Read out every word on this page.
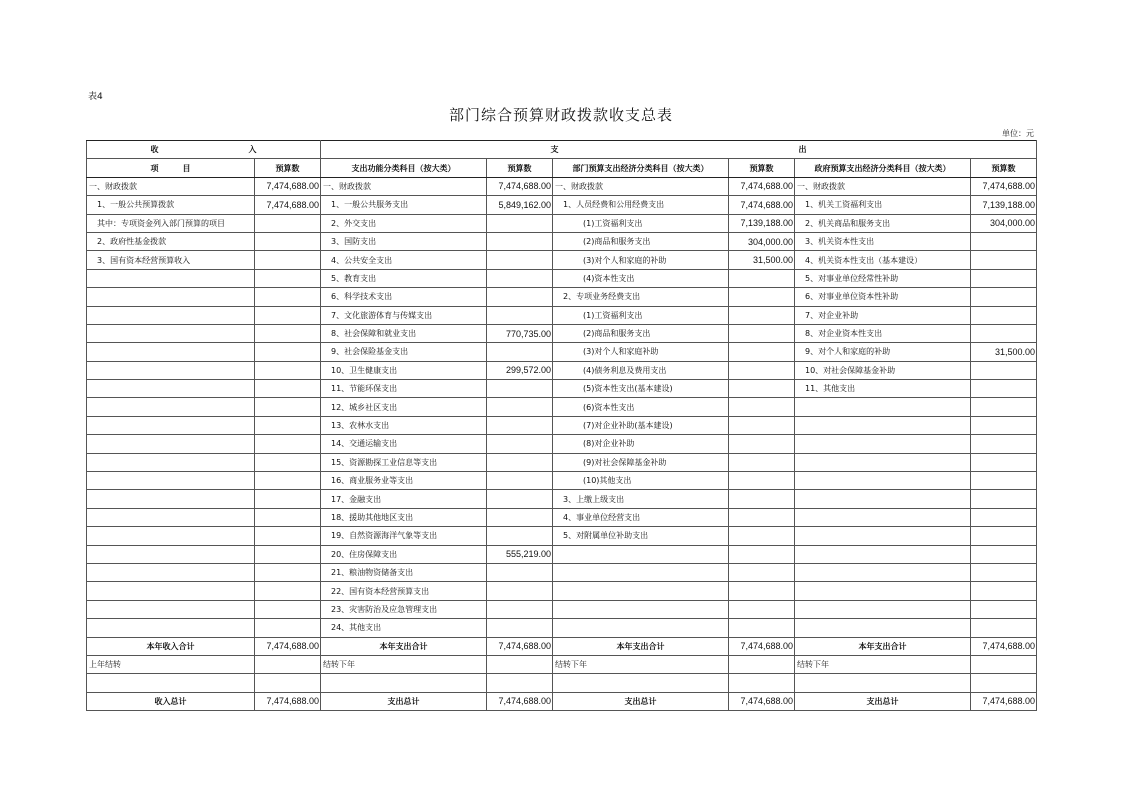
表4
部门综合预算财政拨款收支总表
单位：元
收 入		支 出					
项 目	预算数	支出功能分类科目（按大类）	预算数	部门预算支出经济分类科目（按大类）	预算数	政府预算支出经济分类科目（按大类）	预算数
一、财政拨款	7,474,688.00	一、财政拨款	7,474,688.00	一、财政拨款	7,474,688.00	一、财政拨款	7,474,688.00
1、一般公共预算拨款	7,474,688.00	1、一般公共服务支出	5,849,162.00	1、人员经费和公用经费支出	7,474,688.00	1、机关工资福利支出	7,139,188.00
其中：专项资金列入部门预算的项目		2、外交支出		(1)工资福利支出	7,139,188.00	2、机关商品和服务支出	304,000.00
2、政府性基金拨款		3、国防支出		(2)商品和服务支出	304,000.00	3、机关资本性支出	
3、国有资本经营预算收入		4、公共安全支出		(3)对个人和家庭的补助	31,500.00	4、机关资本性支出（基本建设）	
		5、教育支出		(4)资本性支出		5、对事业单位经常性补助	
		6、科学技术支出		2、专项业务经费支出		6、对事业单位资本性补助	
		7、文化旅游体育与传媒支出		(1)工资福利支出		7、对企业补助	
		8、社会保障和就业支出	770,735.00	(2)商品和服务支出		8、对企业资本性支出	
		9、社会保险基金支出		(3)对个人和家庭补助		9、对个人和家庭的补助	31,500.00
		10、卫生健康支出	299,572.00	(4)债务利息及费用支出		10、对社会保障基金补助	
		11、节能环保支出		(5)资本性支出(基本建设)		11、其他支出	
		12、城乡社区支出		(6)资本性支出			
		13、农林水支出		(7)对企业补助(基本建设)			
		14、交通运输支出		(8)对企业补助			
		15、资源勘探工业信息等支出		(9)对社会保障基金补助			
		16、商业服务业等支出		(10)其他支出			
		17、金融支出		3、上缴上级支出			
		18、援助其他地区支出		4、事业单位经营支出			
		19、自然资源海洋气象等支出		5、对附属单位补助支出			
		20、住房保障支出	555,219.00				
		21、粮油物资储备支出					
		22、国有资本经营预算支出					
		23、灾害防治及应急管理支出					
		24、其他支出					
本年收入合计	7,474,688.00	本年支出合计	7,474,688.00	本年支出合计	7,474,688.00	本年支出合计	7,474,688.00
上年结转		结转下年		结转下年		结转下年	

收入总计	7,474,688.00	支出总计	7,474,688.00	支出总计	7,474,688.00	支出总计	7,474,688.00
